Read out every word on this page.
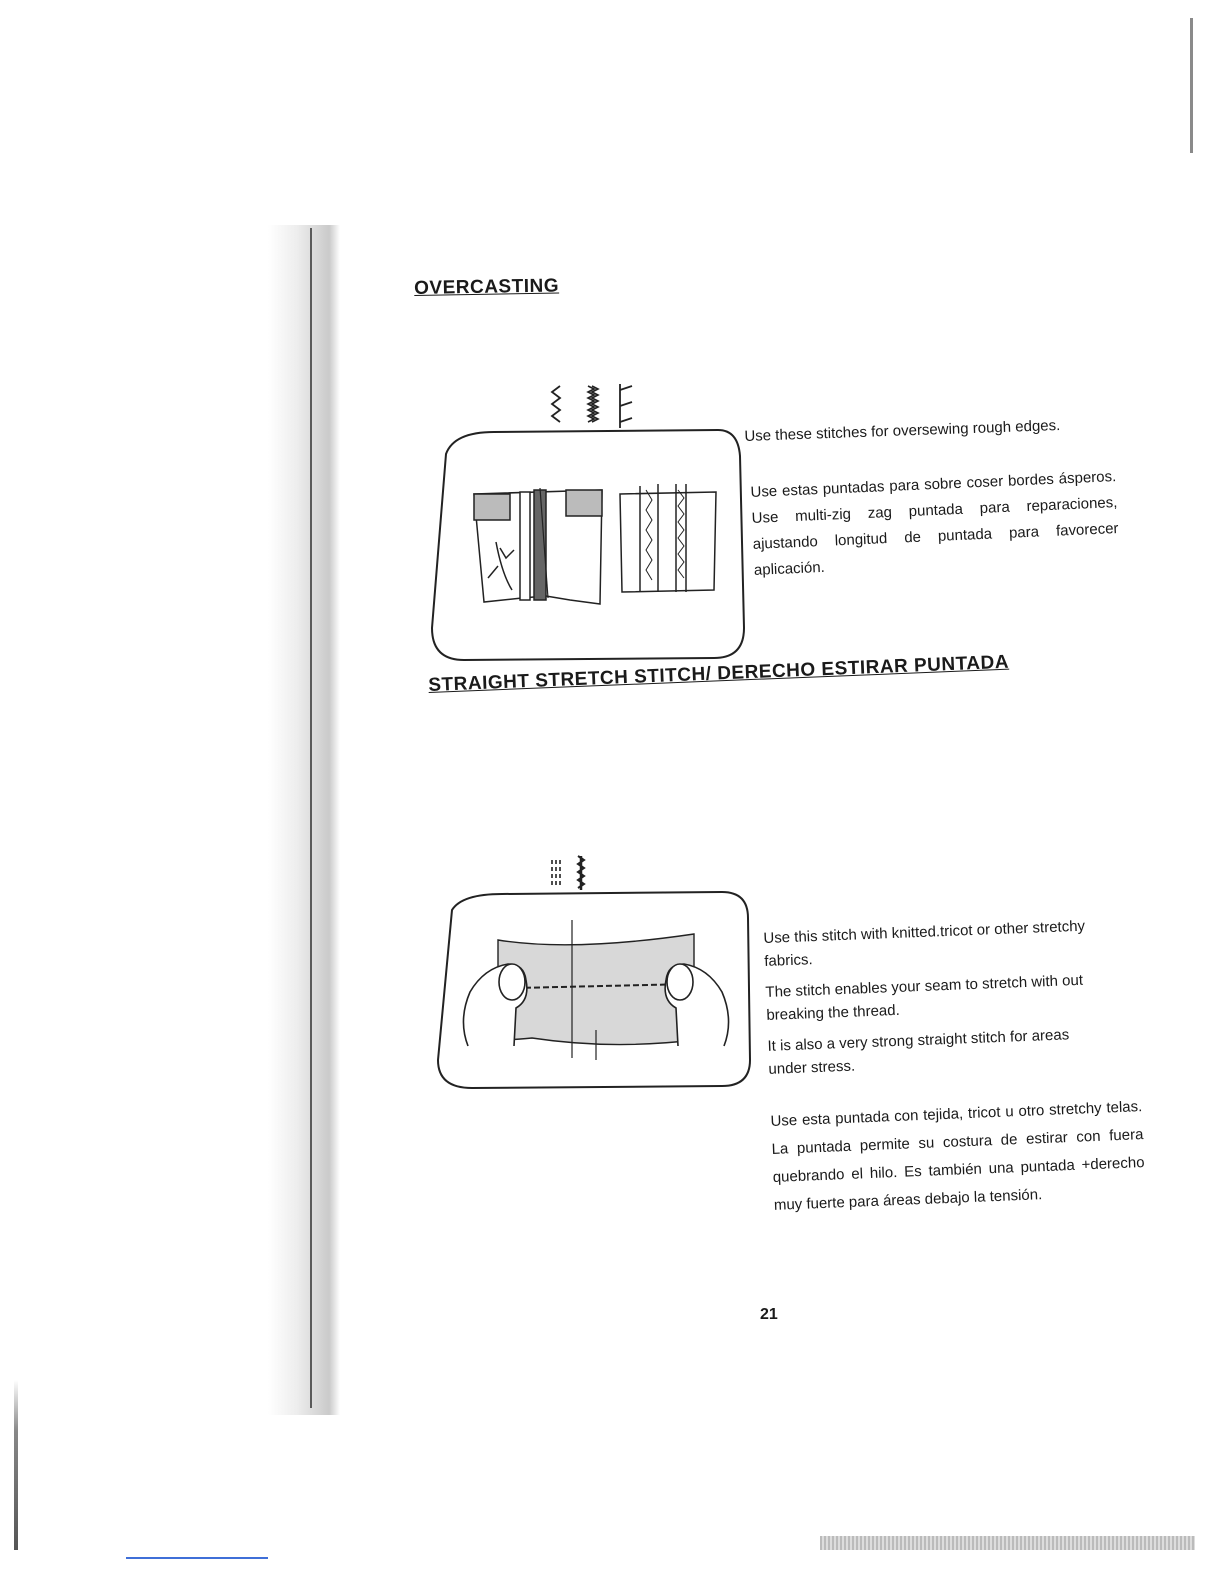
OVERCASTING

Use these stitches for oversewing rough edges.

Use estas puntadas para sobre coser bordes ásperos. Use multi-zig zag puntada para reparaciones, ajustando longitud de puntada para favorecer aplicación.

STRAIGHT STRETCH STITCH/ DERECHO ESTIRAR PUNTADA

Use this stitch with knitted.tricot or other stretchy fabrics.
The stitch enables your seam to stretch with out breaking the thread.
It is also a very strong straight stitch for areas under stress.

Use esta puntada con tejida, tricot u otro stretchy telas. La puntada permite su costura de estirar con fuera quebrando el hilo. Es también una puntada +derecho muy fuerte para áreas debajo la tensión.

21
